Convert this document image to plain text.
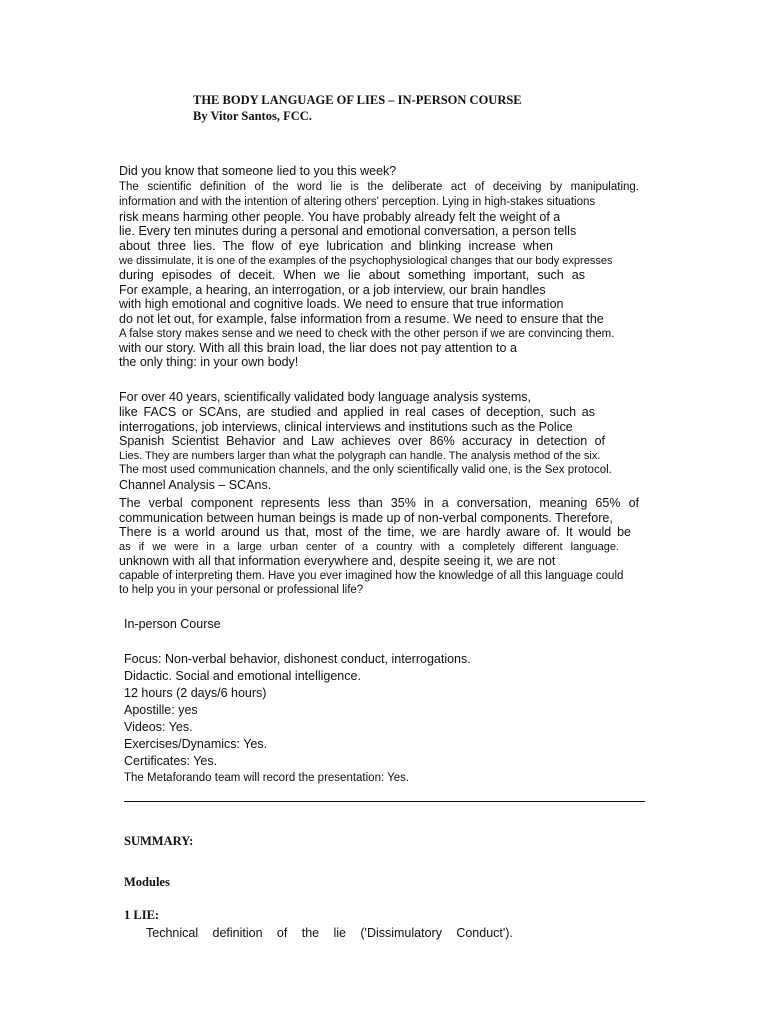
THE BODY LANGUAGE OF LIES – IN-PERSON COURSE
By Vitor Santos, FCC.
Did you know that someone lied to you this week?
The scientific definition of the word lie is the deliberate act of deceiving by manipulating.
information and with the intention of altering others' perception. Lying in high-stakes situations
risk means harming other people. You have probably already felt the weight of a
lie. Every ten minutes during a personal and emotional conversation, a person tells
about three lies. The flow of eye lubrication and blinking increase when
we dissimulate, it is one of the examples of the psychophysiological changes that our body expresses
during episodes of deceit. When we lie about something important, such as
For example, a hearing, an interrogation, or a job interview, our brain handles
with high emotional and cognitive loads. We need to ensure that true information
do not let out, for example, false information from a resume. We need to ensure that the
A false story makes sense and we need to check with the other person if we are convincing them.
with our story. With all this brain load, the liar does not pay attention to a
the only thing: in your own body!
For over 40 years, scientifically validated body language analysis systems,
like FACS or SCAns, are studied and applied in real cases of deception, such as
interrogations, job interviews, clinical interviews and institutions such as the Police
Spanish Scientist Behavior and Law achieves over 86% accuracy in detection of
Lies. They are numbers larger than what the polygraph can handle. The analysis method of the six.
The most used communication channels, and the only scientifically valid one, is the Sex protocol.
Channel Analysis – SCAns.
The verbal component represents less than 35% in a conversation, meaning 65% of
communication between human beings is made up of non-verbal components. Therefore,
There is a world around us that, most of the time, we are hardly aware of. It would be
as if we were in a large urban center of a country with a completely different language.
unknown with all that information everywhere and, despite seeing it, we are not
capable of interpreting them. Have you ever imagined how the knowledge of all this language could
to help you in your personal or professional life?
In-person Course
Focus: Non-verbal behavior, dishonest conduct, interrogations.
Didactic. Social and emotional intelligence.
12 hours (2 days/6 hours)
Apostille: yes
Videos: Yes.
Exercises/Dynamics: Yes.
Certificates: Yes.
The Metaforando team will record the presentation: Yes.
SUMMARY:
Modules
1 LIE:
Technical definition of the lie ('Dissimulatory Conduct').
